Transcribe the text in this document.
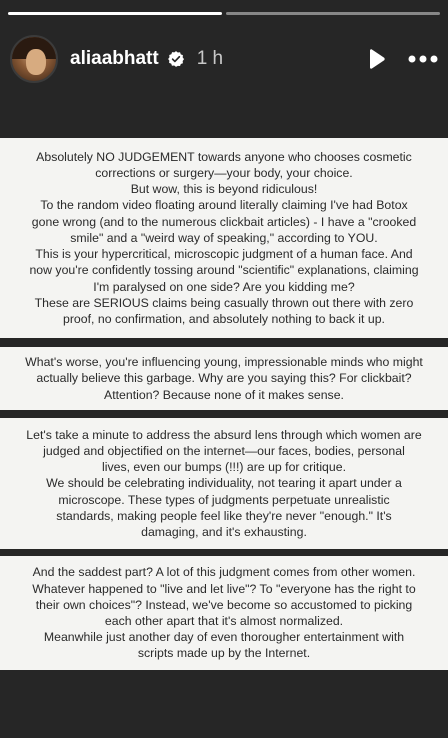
aliaabhatt 1 h

Absolutely NO JUDGEMENT towards anyone who chooses cosmetic

corrections or surgery—your body, your choice.

But wow, this is beyond ridiculous!

To the random video floating around literally claiming I've had Botox

gone wrong (and to the numerous clickbait articles) - I have a "crooked

smile" and a "weird way of speaking," according to YOU.

This is your hypercritical, microscopic judgment of a human face. And

now you're confidently tossing around "scientific" explanations, claiming

I'm paralysed on one side? Are you kidding me?

These are SERIOUS claims being casually thrown out there with zero

proof, no confirmation, and absolutely nothing to back it up.

What's worse, you're influencing young, impressionable minds who might

actually believe this garbage. Why are you saying this? For clickbait?

Attention? Because none of it makes sense.

Let's take a minute to address the absurd lens through which women are

judged and objectified on the internet—our faces, bodies, personal

lives, even our bumps (!!!) are up for critique.

We should be celebrating individuality, not tearing it apart under a

microscope. These types of judgments perpetuate unrealistic

standards, making people feel like they're never "enough." It's

damaging, and it's exhausting.

And the saddest part? A lot of this judgment comes from other women.

Whatever happened to "live and let live"? To "everyone has the right to

their own choices"? Instead, we've become so accustomed to picking

each other apart that it's almost normalized.

Meanwhile just another day of even thorougher entertainment with

scripts made up by the Internet.
